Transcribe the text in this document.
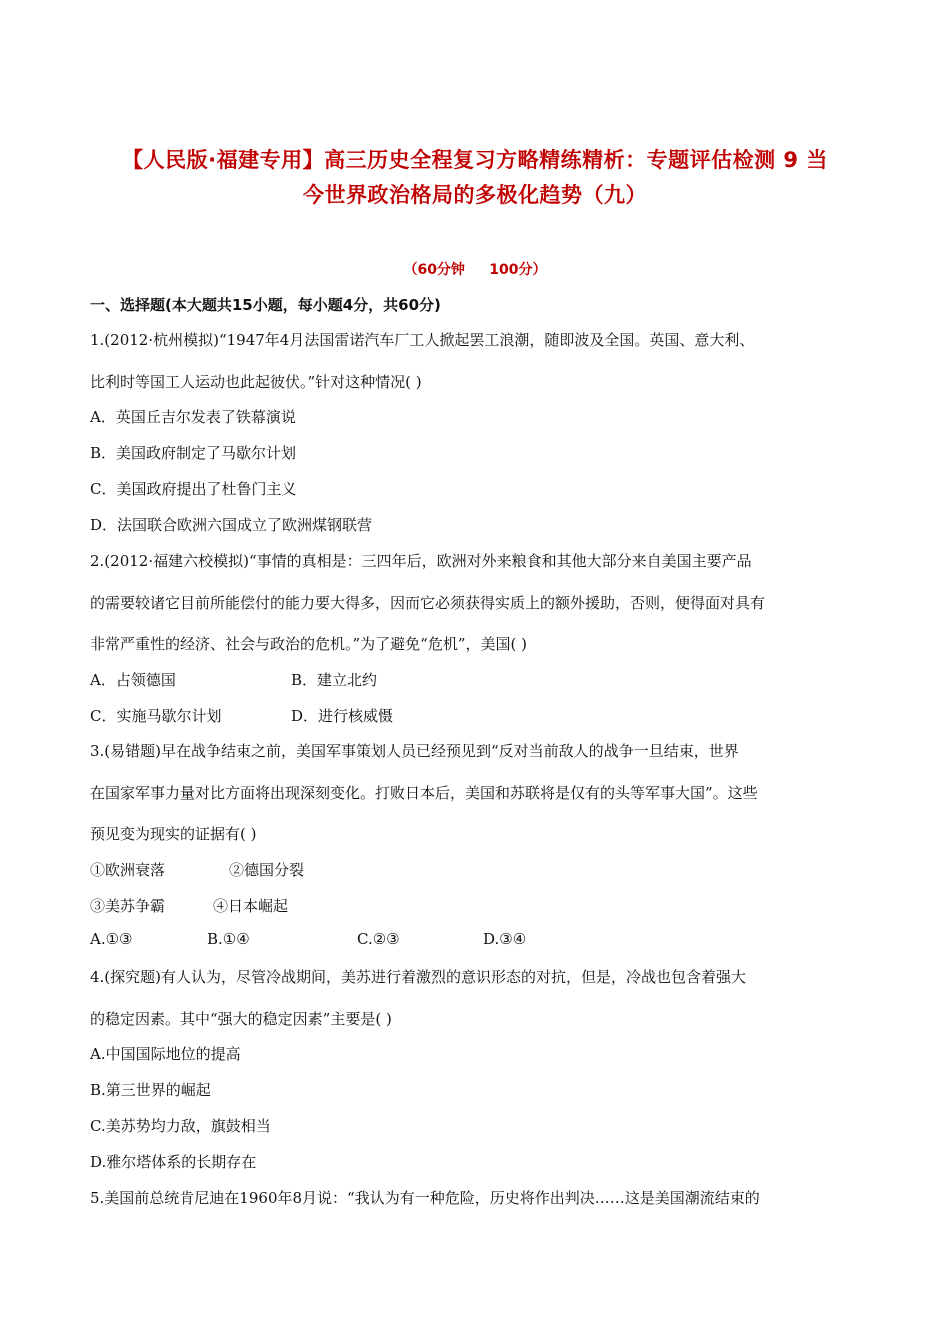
【人民版·福建专用】高三历史全程复习方略精练精析：专题评估检测 9 当
今世界政治格局的多极化趋势（九）
（60分钟     100分）
一、选择题(本大题共15小题，每小题4分，共60分)
1.(2012·杭州模拟)“1947年4月法国雷诺汽车厂工人掀起罢工浪潮，随即波及全国。英国、意大利、
比利时等国工人运动也此起彼伏。”针对这种情况( )
A．英国丘吉尔发表了铁幕演说
B．美国政府制定了马歇尔计划
C．美国政府提出了杜鲁门主义
D．法国联合欧洲六国成立了欧洲煤钢联营
2.(2012·福建六校模拟)“事情的真相是：三四年后，欧洲对外来粮食和其他大部分来自美国主要产品
的需要较诸它目前所能偿付的能力要大得多，因而它必须获得实质上的额外援助，否则，便得面对具有
非常严重性的经济、社会与政治的危机。”为了避免“危机”，美国( )
A．占领德国	B．建立北约
C．实施马歇尔计划	D．进行核威慑
3.(易错题)早在战争结束之前，美国军事策划人员已经预见到“反对当前敌人的战争一旦结束，世界
在国家军事力量对比方面将出现深刻变化。打败日本后，美国和苏联将是仅有的头等军事大国”。这些
预见变为现实的证据有( )
①欧洲衰落	②德国分裂
③美苏争霸	④日本崛起
A.①③	B.①④	C.②③	D.③④
4.(探究题)有人认为，尽管冷战期间，美苏进行着激烈的意识形态的对抗，但是，冷战也包含着强大
的稳定因素。其中“强大的稳定因素”主要是( )
A.中国国际地位的提高
B.第三世界的崛起
C.美苏势均力敌，旗鼓相当
D.雅尔塔体系的长期存在
5.美国前总统肯尼迪在1960年8月说：“我认为有一种危险，历史将作出判决……这是美国潮流结束的
